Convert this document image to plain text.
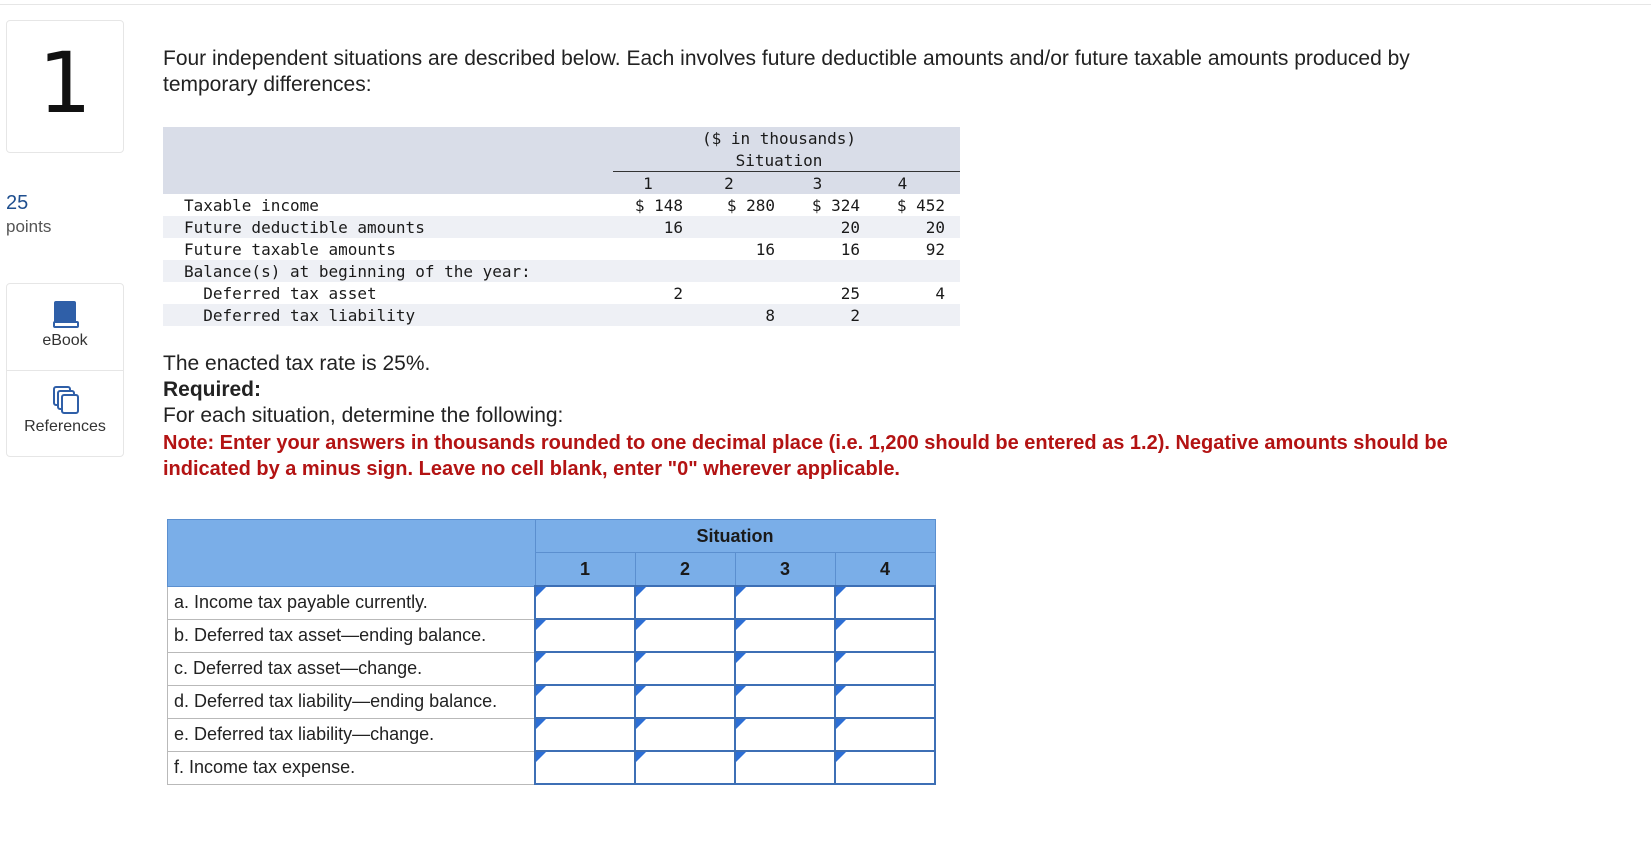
1
25
points
eBook
References
Four independent situations are described below. Each involves future deductible amounts and/or future taxable amounts produced by temporary differences:
	($ in thousands)				
	Situation				
	1	2	3	4	
Taxable income	$ 148	$ 280	$ 324	$ 452	
Future deductible amounts	16		20	20	
Future taxable amounts		16	16	92	
Balance(s) at beginning of the year:					
Deferred tax asset	2		25	4	
Deferred tax liability		8	2		
The enacted tax rate is 25%.
Required:
For each situation, determine the following:
Note: Enter your answers in thousands rounded to one decimal place (i.e. 1,200 should be entered as 1.2). Negative amounts should be indicated by a minus sign. Leave no cell blank, enter "0" wherever applicable.
	Situation			
	1	2	3	4
a. Income tax payable currently.	

b. Deferred tax asset—ending balance.	

c. Deferred tax asset—change.	

d. Deferred tax liability—ending balance.	

e. Deferred tax liability—change.	

f. Income tax expense.	
